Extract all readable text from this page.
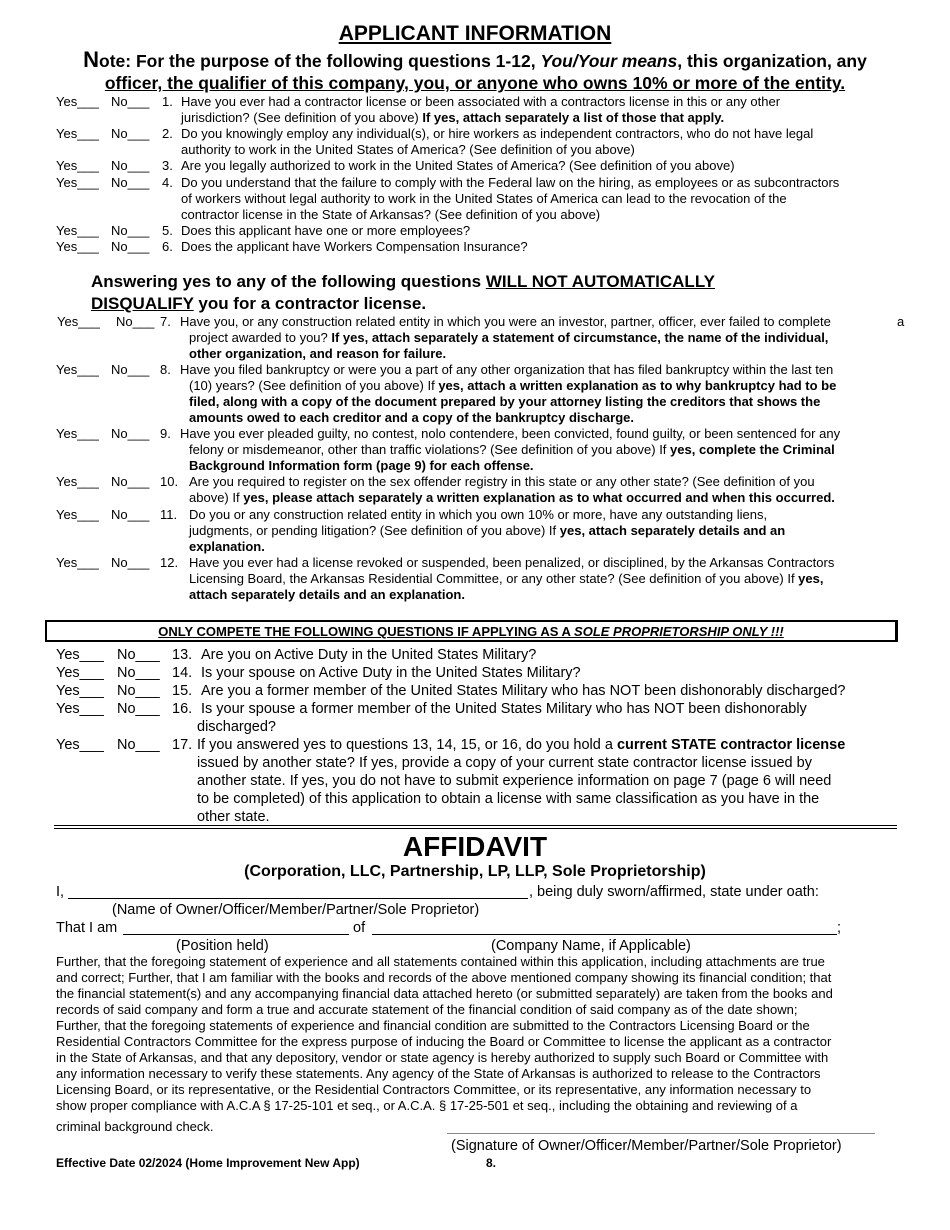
APPLICANT INFORMATION
Note: For the purpose of the following questions 1-12, You/Your means, this organization, any
officer, the qualifier of this company, you, or anyone who owns 10% or more of the entity.
Yes___ No___ 1. Have you ever had a contractor license or been associated with a contractors license in this or any other
jurisdiction? (See definition of you above) If yes, attach separately a list of those that apply.
Yes___ No___ 2. Do you knowingly employ any individual(s), or hire workers as independent contractors, who do not have legal
authority to work in the United States of America? (See definition of you above)
Yes___ No___ 3. Are you legally authorized to work in the United States of America? (See definition of you above)
Yes___ No___ 4. Do you understand that the failure to comply with the Federal law on the hiring, as employees or as subcontractors
of workers without legal authority to work in the United States of America can lead to the revocation of the
contractor license in the State of Arkansas? (See definition of you above)
Yes___ No___ 5. Does this applicant have one or more employees?
Yes___ No___ 6. Does the applicant have Workers Compensation Insurance?
Answering yes to any of the following questions WILL NOT AUTOMATICALLY
DISQUALIFY you for a contractor license.
Yes___ No___ 7. Have you, or any construction related entity in which you were an investor, partner, officer, ever failed to complete	a
project awarded to you? If yes, attach separately a statement of circumstance, the name of the individual,
other organization, and reason for failure.
Yes___ No___ 8. Have you filed bankruptcy or were you a part of any other organization that has filed bankruptcy within the last ten
(10) years? (See definition of you above) If yes, attach a written explanation as to why bankruptcy had to be
filed, along with a copy of the document prepared by your attorney listing the creditors that shows the
amounts owed to each creditor and a copy of the bankruptcy discharge.
Yes___ No___ 9. Have you ever pleaded guilty, no contest, nolo contendere, been convicted, found guilty, or been sentenced for any
felony or misdemeanor, other than traffic violations? (See definition of you above) If yes, complete the Criminal
Background Information form (page 9) for each offense.
Yes___ No___ 10. Are you required to register on the sex offender registry in this state or any other state? (See definition of you
above) If yes, please attach separately a written explanation as to what occurred and when this occurred.
Yes___ No___ 11. Do you or any construction related entity in which you own 10% or more, have any outstanding liens,
judgments, or pending litigation? (See definition of you above) If yes, attach separately details and an
explanation.
Yes___ No___ 12. Have you ever had a license revoked or suspended, been penalized, or disciplined, by the Arkansas Contractors
Licensing Board, the Arkansas Residential Committee, or any other state? (See definition of you above) If yes,
attach separately details and an explanation.
ONLY COMPETE THE FOLLOWING QUESTIONS IF APPLYING AS A SOLE PROPRIETORSHIP ONLY !!!
Yes___ No___ 13. Are you on Active Duty in the United States Military?
Yes___ No___ 14. Is your spouse on Active Duty in the United States Military?
Yes___ No___ 15. Are you a former member of the United States Military who has NOT been dishonorably discharged?
Yes___ No___ 16. Is your spouse a former member of the United States Military who has NOT been dishonorably
discharged?
Yes___ No___ 17. If you answered yes to questions 13, 14, 15, or 16, do you hold a current STATE contractor license
issued by another state? If yes, provide a copy of your current state contractor license issued by
another state. If yes, you do not have to submit experience information on page 7 (page 6 will need
to be completed) of this application to obtain a license with same classification as you have in the
other state.
AFFIDAVIT
(Corporation, LLC, Partnership, LP, LLP, Sole Proprietorship)
I,	, being duly sworn/affirmed, state under oath:
(Name of Owner/Officer/Member/Partner/Sole Proprietor)
That I am	of	;
(Position held)	(Company Name, if Applicable)
Further, that the foregoing statement of experience and all statements contained within this application, including attachments are true
and correct; Further, that I am familiar with the books and records of the above mentioned company showing its financial condition; that
the financial statement(s) and any accompanying financial data attached hereto (or submitted separately) are taken from the books and
records of said company and form a true and accurate statement of the financial condition of said company as of the date shown;
Further, that the foregoing statements of experience and financial condition are submitted to the Contractors Licensing Board or the
Residential Contractors Committee for the express purpose of inducing the Board or Committee to license the applicant as a contractor
in the State of Arkansas, and that any depository, vendor or state agency is hereby authorized to supply such Board or Committee with
any information necessary to verify these statements. Any agency of the State of Arkansas is authorized to release to the Contractors
Licensing Board, or its representative, or the Residential Contractors Committee, or its representative, any information necessary to
show proper compliance with A.C.A § 17-25-101 et seq., or A.C.A. § 17-25-501 et seq., including the obtaining and reviewing of a
criminal background check.
(Signature of Owner/Officer/Member/Partner/Sole Proprietor)
Effective Date 02/2024 (Home Improvement New App)	8.
